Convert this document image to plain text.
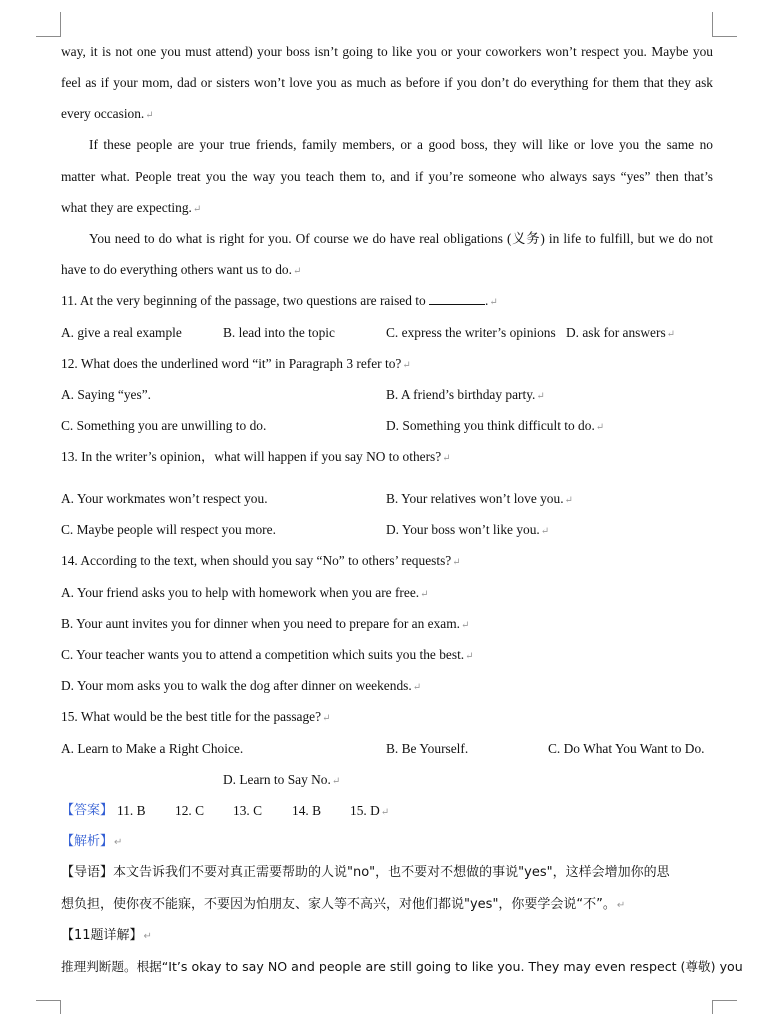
way, it is not one you must attend) your boss isn’t going to like you or your coworkers won’t respect you. Maybe you
feel as if your mom, dad or sisters won’t love you as much as before if you don’t do everything for them that they ask
every occasion.↵
If these people are your true friends, family members, or a good boss, they will like or love you the same no
matter what. People treat you the way you teach them to, and if you’re someone who always says “yes” then that’s
what they are expecting.↵
You need to do what is right for you. Of course we do have real obligations (义务) in life to fulfill, but we do not
have to do everything others want us to do.↵
11. At the very beginning of the passage, two questions are raised to	.↵
A. give a real example	B. lead into the topic	C. express the writer’s opinions D. ask for answers↵
12. What does the underlined word “it” in Paragraph 3 refer to?↵
A. Saying “yes”.	B. A friend’s birthday party.↵
C. Something you are unwilling to do.	D. Something you think difficult to do.↵
13. In the writer’s opinion，what will happen if you say NO to others?↵
A. Your workmates won’t respect you.	B. Your relatives won’t love you.↵
C. Maybe people will respect you more.	D. Your boss won’t like you.↵
14. According to the text, when should you say “No” to others’ requests?↵
A. Your friend asks you to help with homework when you are free.↵
B. Your aunt invites you for dinner when you need to prepare for an exam.↵
C. Your teacher wants you to attend a competition which suits you the best.↵
D. Your mom asks you to walk the dog after dinner on weekends.↵
15. What would be the best title for the passage?↵
A. Learn to Make a Right Choice.	B. Be Yourself.	C. Do What You Want to Do.
D. Learn to Say No.↵
【答案】 11. B 12. C 13. C 14. B 15. D↵
【解析】↵
【导语】本文告诉我们不要对真正需要帮助的人说"no"，也不要对不想做的事说"yes"，这样会增加你的思
想负担，使你夜不能寐，不要因为怕朋友、家人等不高兴，对他们都说"yes"，你要学会说“不”。↵
【11题详解】↵
推理判断题。根据“It’s okay to say NO and people are still going to like you. They may even respect (尊敬) you
